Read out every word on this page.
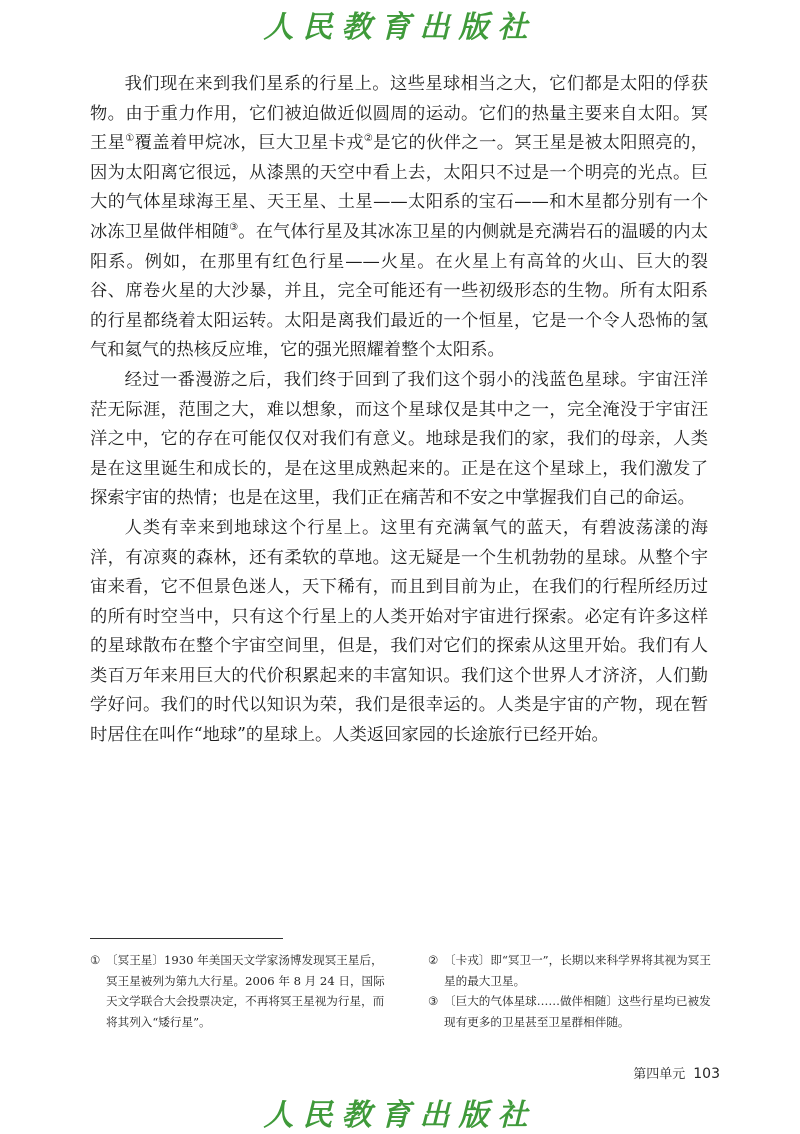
人民教育出版社

我们现在来到我们星系的行星上。这些星球相当之大，它们都是太阳的俘获物。由于重力作用，它们被迫做近似圆周的运动。它们的热量主要来自太阳。冥王星①覆盖着甲烷冰，巨大卫星卡戎②是它的伙伴之一。冥王星是被太阳照亮的，因为太阳离它很远，从漆黑的天空中看上去，太阳只不过是一个明亮的光点。巨大的气体星球海王星、天王星、土星——太阳系的宝石——和木星都分别有一个冰冻卫星做伴相随③。在气体行星及其冰冻卫星的内侧就是充满岩石的温暖的内太阳系。例如，在那里有红色行星——火星。在火星上有高耸的火山、巨大的裂谷、席卷火星的大沙暴，并且，完全可能还有一些初级形态的生物。所有太阳系的行星都绕着太阳运转。太阳是离我们最近的一个恒星，它是一个令人恐怖的氢气和氦气的热核反应堆，它的强光照耀着整个太阳系。

经过一番漫游之后，我们终于回到了我们这个弱小的浅蓝色星球。宇宙汪洋茫无际涯，范围之大，难以想象，而这个星球仅是其中之一，完全淹没于宇宙汪洋之中，它的存在可能仅仅对我们有意义。地球是我们的家，我们的母亲，人类是在这里诞生和成长的，是在这里成熟起来的。正是在这个星球上，我们激发了探索宇宙的热情；也是在这里，我们正在痛苦和不安之中掌握我们自己的命运。

人类有幸来到地球这个行星上。这里有充满氧气的蓝天，有碧波荡漾的海洋，有凉爽的森林，还有柔软的草地。这无疑是一个生机勃勃的星球。从整个宇宙来看，它不但景色迷人，天下稀有，而且到目前为止，在我们的行程所经历过的所有时空当中，只有这个行星上的人类开始对宇宙进行探索。必定有许多这样的星球散布在整个宇宙空间里，但是，我们对它们的探索从这里开始。我们有人类百万年来用巨大的代价积累起来的丰富知识。我们这个世界人才济济，人们勤学好问。我们的时代以知识为荣，我们是很幸运的。人类是宇宙的产物，现在暂时居住在叫作“地球”的星球上。人类返回家园的长途旅行已经开始。

① 〔冥王星〕1930 年美国天文学家汤博发现冥王星后，冥王星被列为第九大行星。2006 年 8 月 24 日，国际天文学联合大会投票决定，不再将冥王星视为行星，而将其列入“矮行星”。

② 〔卡戎〕即“冥卫一”，长期以来科学界将其视为冥王星的最大卫星。

③ 〔巨大的气体星球……做伴相随〕这些行星均已被发现有更多的卫星甚至卫星群相伴随。

第四单元 103
人民教育出版社
